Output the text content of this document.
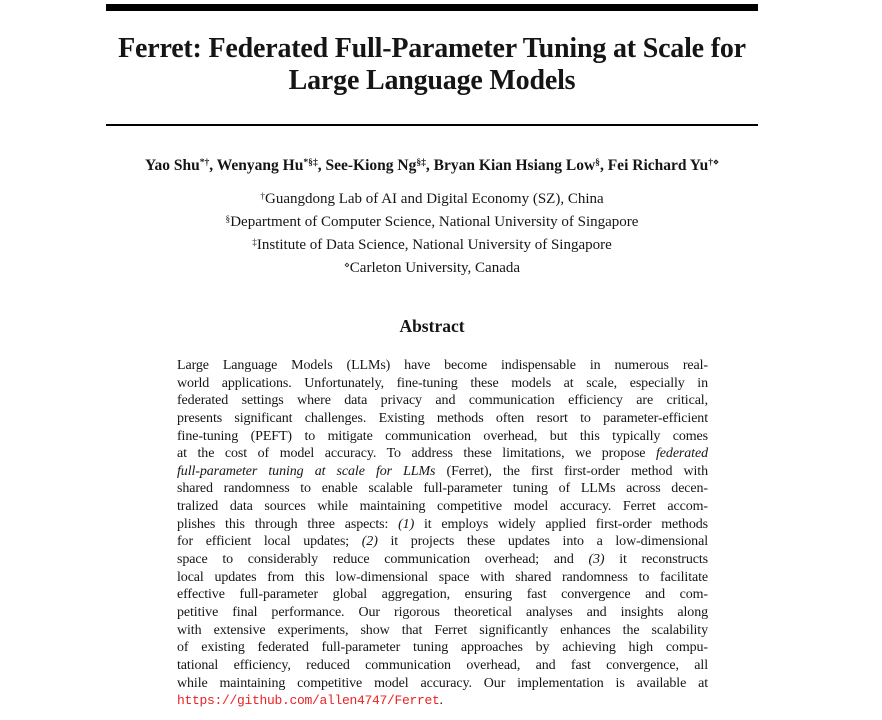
Ferret: Federated Full-Parameter Tuning at Scale for
Large Language Models
Yao Shu*†, Wenyang Hu*§‡, See-Kiong Ng§‡, Bryan Kian Hsiang Low§, Fei Richard Yu†⋄
†Guangdong Lab of AI and Digital Economy (SZ), China
§Department of Computer Science, National University of Singapore
‡Institute of Data Science, National University of Singapore
⋄Carleton University, Canada
Abstract
Large Language Models (LLMs) have become indispensable in numerous real-
world applications. Unfortunately, fine-tuning these models at scale, especially in
federated settings where data privacy and communication efficiency are critical,
presents significant challenges. Existing methods often resort to parameter-efficient
fine-tuning (PEFT) to mitigate communication overhead, but this typically comes
at the cost of model accuracy. To address these limitations, we propose federated
full-parameter tuning at scale for LLMs (Ferret), the first first-order method with
shared randomness to enable scalable full-parameter tuning of LLMs across decen-
tralized data sources while maintaining competitive model accuracy. Ferret accom-
plishes this through three aspects: (1) it employs widely applied first-order methods
for efficient local updates; (2) it projects these updates into a low-dimensional
space to considerably reduce communication overhead; and (3) it reconstructs
local updates from this low-dimensional space with shared randomness to facilitate
effective full-parameter global aggregation, ensuring fast convergence and com-
petitive final performance. Our rigorous theoretical analyses and insights along
with extensive experiments, show that Ferret significantly enhances the scalability
of existing federated full-parameter tuning approaches by achieving high compu-
tational efficiency, reduced communication overhead, and fast convergence, all
while maintaining competitive model accuracy. Our implementation is available at
https://github.com/allen4747/Ferret.
